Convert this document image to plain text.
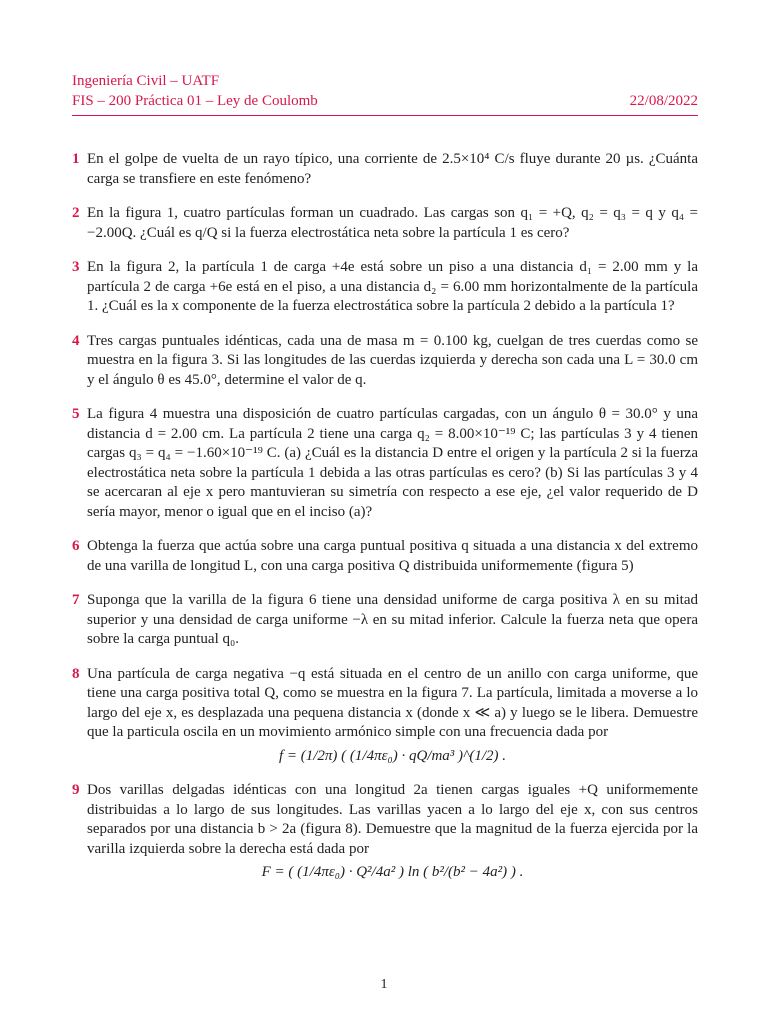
Ingeniería Civil – UATF
FIS – 200 Práctica 01 – Ley de Coulomb	22/08/2022
1 En el golpe de vuelta de un rayo típico, una corriente de 2.5×10⁴ C/s fluye durante 20 µs. ¿Cuánta carga se transfiere en este fenómeno?
2 En la figura 1, cuatro partículas forman un cuadrado. Las cargas son q₁ = +Q, q₂ = q₃ = q y q₄ = −2.00Q. ¿Cuál es q/Q si la fuerza electrostática neta sobre la partícula 1 es cero?
3 En la figura 2, la partícula 1 de carga +4e está sobre un piso a una distancia d₁ = 2.00 mm y la partícula 2 de carga +6e está en el piso, a una distancia d₂ = 6.00 mm horizontalmente de la partícula 1. ¿Cuál es la x componente de la fuerza electrostática sobre la partícula 2 debido a la partícula 1?
4 Tres cargas puntuales idénticas, cada una de masa m = 0.100 kg, cuelgan de tres cuerdas como se muestra en la figura 3. Si las longitudes de las cuerdas izquierda y derecha son cada una L = 30.0 cm y el ángulo θ es 45.0°, determine el valor de q.
5 La figura 4 muestra una disposición de cuatro partículas cargadas, con un ángulo θ = 30.0° y una distancia d = 2.00 cm. La partícula 2 tiene una carga q₂ = 8.00×10⁻¹⁹ C; las partículas 3 y 4 tienen cargas q₃ = q₄ = −1.60×10⁻¹⁹ C. (a) ¿Cuál es la distancia D entre el origen y la partícula 2 si la fuerza electrostática neta sobre la partícula 1 debida a las otras partículas es cero? (b) Si las partículas 3 y 4 se acercaran al eje x pero mantuvieran su simetría con respecto a ese eje, ¿el valor requerido de D sería mayor, menor o igual que en el inciso (a)?
6 Obtenga la fuerza que actúa sobre una carga puntual positiva q situada a una distancia x del extremo de una varilla de longitud L, con una carga positiva Q distribuida uniformemente (figura 5)
7 Suponga que la varilla de la figura 6 tiene una densidad uniforme de carga positiva λ en su mitad superior y una densidad de carga uniforme −λ en su mitad inferior. Calcule la fuerza neta que opera sobre la carga puntual q₀.
8 Una partícula de carga negativa −q está situada en el centro de un anillo con carga uniforme, que tiene una carga positiva total Q, como se muestra en la figura 7. La partícula, limitada a moverse a lo largo del eje x, es desplazada una pequena distancia x (donde x ≪ a) y luego se le libera. Demuestre que la particula oscila en un movimiento armónico simple con una frecuencia dada por
f = (1/2π) ( (1/4πε₀) · qQ/ma³ )^(1/2) .
9 Dos varillas delgadas idénticas con una longitud 2a tienen cargas iguales +Q uniformemente distribuidas a lo largo de sus longitudes. Las varillas yacen a lo largo del eje x, con sus centros separados por una distancia b > 2a (figura 8). Demuestre que la magnitud de la fuerza ejercida por la varilla izquierda sobre la derecha está dada por
F = ( (1/4πε₀) · Q²/4a² ) ln ( b²/(b² − 4a²) ) .
1
